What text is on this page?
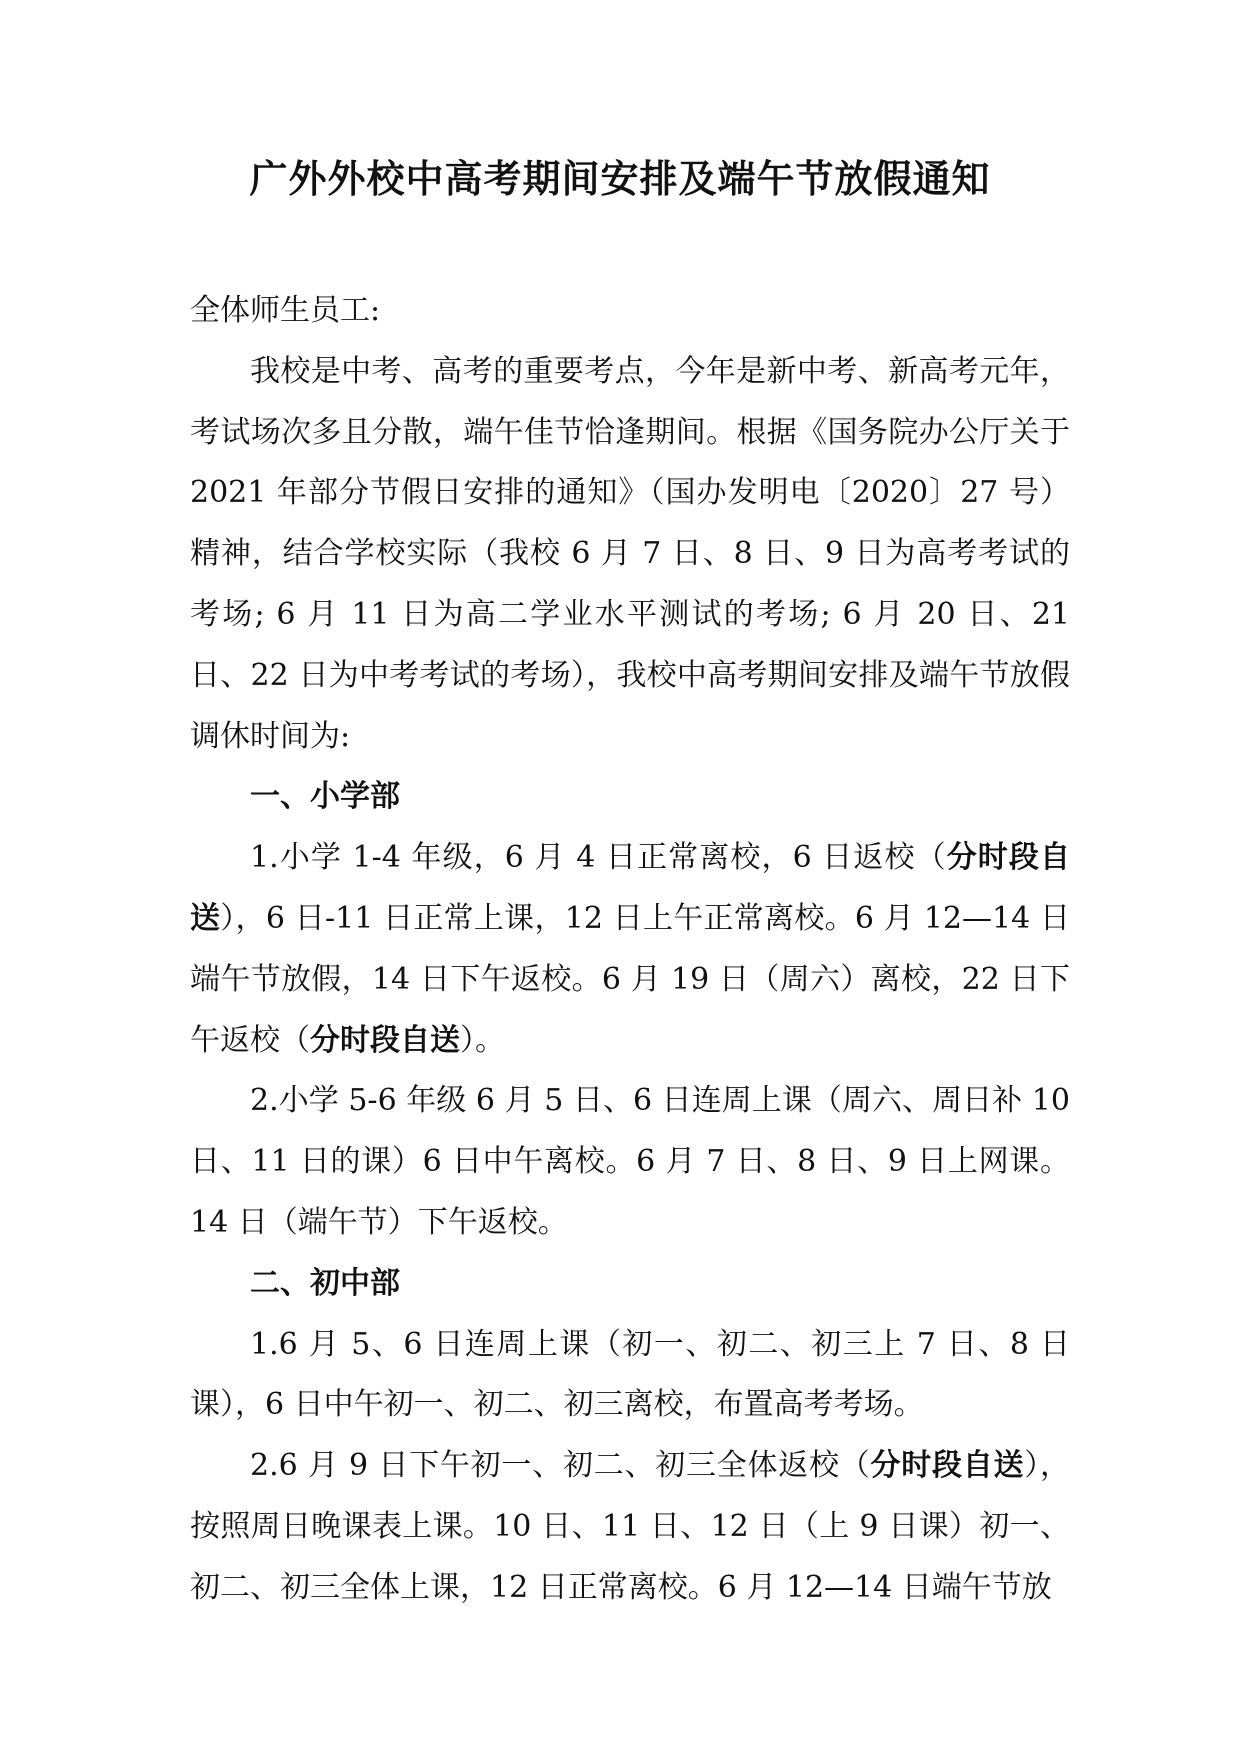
广外外校中高考期间安排及端午节放假通知

全体师生员工:

我校是中考、高考的重要考点，今年是新中考、新高考元年，考试场次多且分散，端午佳节恰逢期间。根据《国务院办公厅关于 2021 年部分节假日安排的通知》（国办发明电〔2020〕27 号）精神，结合学校实际（我校 6 月 7 日、8 日、9 日为高考考试的考场; 6 月 11 日为高二学业水平测试的考场; 6 月 20 日、21 日、22 日为中考考试的考场），我校中高考期间安排及端午节放假调休时间为:

一、小学部

1.小学 1-4 年级，6 月 4 日正常离校，6 日返校（分时段自送），6 日-11 日正常上课，12 日上午正常离校。6 月 12—14 日端午节放假，14 日下午返校。6 月 19 日（周六）离校，22 日下午返校（分时段自送）。

2.小学 5-6 年级 6 月 5 日、6 日连周上课（周六、周日补 10 日、11 日的课）6 日中午离校。6 月 7 日、8 日、9 日上网课。14 日（端午节）下午返校。

二、初中部

1.6 月 5、6 日连周上课（初一、初二、初三上 7 日、8 日课），6 日中午初一、初二、初三离校，布置高考考场。

2.6 月 9 日下午初一、初二、初三全体返校（分时段自送），按照周日晚课表上课。10 日、11 日、12 日（上 9 日课）初一、初二、初三全体上课，12 日正常离校。6 月 12—14 日端午节放
